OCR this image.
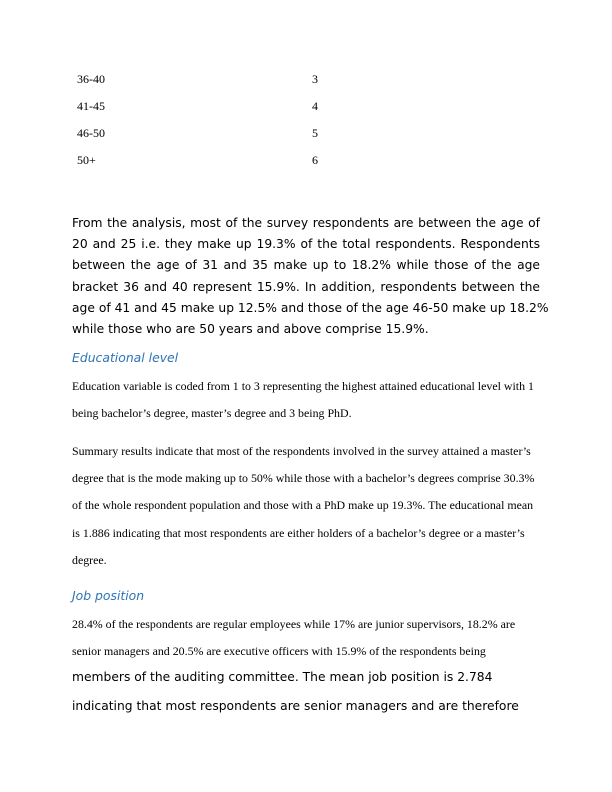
36-40	3
41-45	4
46-50	5
50+	6
From the analysis, most of the survey respondents are between the age of
20 and 25 i.e. they make up 19.3% of the total respondents. Respondents
between the age of 31 and 35 make up to 18.2% while those of the age
bracket 36 and 40 represent 15.9%. In addition, respondents between the
age of 41 and 45 make up 12.5% and those of the age 46-50 make up 18.2%
while those who are 50 years and above comprise 15.9%.
Educational level
Education variable is coded from 1 to 3 representing the highest attained educational level with 1
being bachelor’s degree, master’s degree and 3 being PhD.
Summary results indicate that most of the respondents involved in the survey attained a master’s
degree that is the mode making up to 50% while those with a bachelor’s degrees comprise 30.3%
of the whole respondent population and those with a PhD make up 19.3%. The educational mean
is 1.886 indicating that most respondents are either holders of a bachelor’s degree or a master’s
degree.
Job position
28.4% of the respondents are regular employees while 17% are junior supervisors, 18.2% are
senior managers and 20.5% are executive officers with 15.9% of the respondents being
members of the auditing committee. The mean job position is 2.784
indicating that most respondents are senior managers and are therefore
